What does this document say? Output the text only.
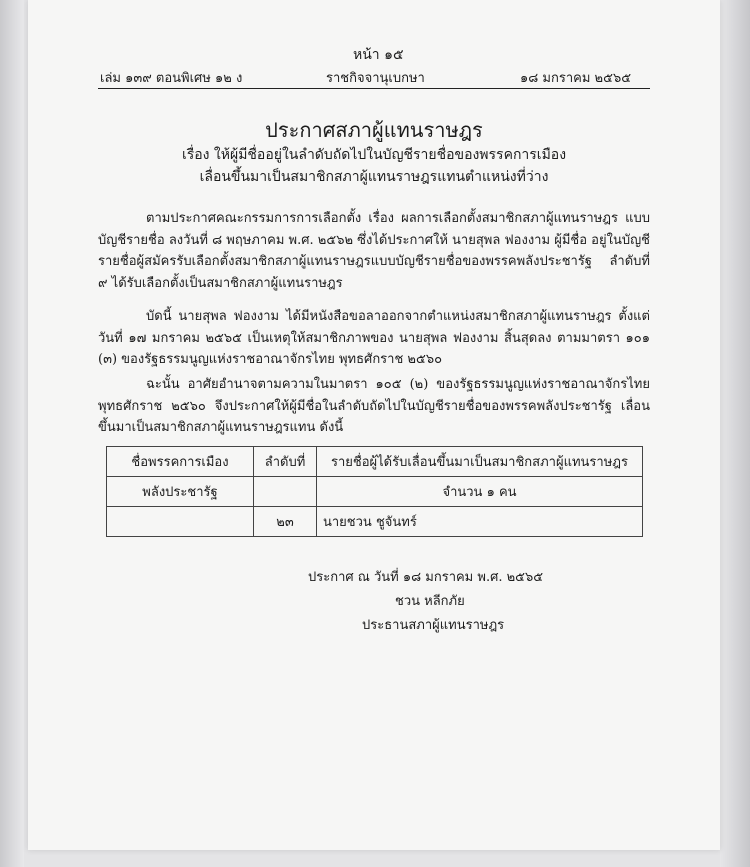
หน้า ๑๕
เล่ม ๑๓๙ ตอนพิเศษ ๑๒ ง	ราชกิจจานุเบกษา	๑๘ มกราคม ๒๕๖๕
ประกาศสภาผู้แทนราษฎร
เรื่อง ให้ผู้มีชื่ออยู่ในลำดับถัดไปในบัญชีรายชื่อของพรรคการเมือง
เลื่อนขึ้นมาเป็นสมาชิกสภาผู้แทนราษฎรแทนตำแหน่งที่ว่าง

ตามประกาศคณะกรรมการการเลือกตั้ง เรื่อง ผลการเลือกตั้งสมาชิกสภาผู้แทนราษฎร แบบบัญชีรายชื่อ ลงวันที่ ๘ พฤษภาคม พ.ศ. ๒๕๖๒ ซึ่งได้ประกาศให้ นายสุพล ฟองงาม ผู้มีชื่อ อยู่ในบัญชีรายชื่อผู้สมัครรับเลือกตั้งสมาชิกสภาผู้แทนราษฎรแบบบัญชีรายชื่อของพรรคพลังประชารัฐ ลำดับที่ ๙ ได้รับเลือกตั้งเป็นสมาชิกสภาผู้แทนราษฎร

บัดนี้ นายสุพล ฟองงาม ได้มีหนังสือขอลาออกจากตำแหน่งสมาชิกสภาผู้แทนราษฎร ตั้งแต่วันที่ ๑๗ มกราคม ๒๕๖๕ เป็นเหตุให้สมาชิกภาพของ นายสุพล ฟองงาม สิ้นสุดลง ตามมาตรา ๑๐๑ (๓) ของรัฐธรรมนูญแห่งราชอาณาจักรไทย พุทธศักราช ๒๕๖๐

ฉะนั้น อาศัยอำนาจตามความในมาตรา ๑๐๕ (๒) ของรัฐธรรมนูญแห่งราชอาณาจักรไทย พุทธศักราช ๒๕๖๐ จึงประกาศให้ผู้มีชื่อในลำดับถัดไปในบัญชีรายชื่อของพรรคพลังประชารัฐ เลื่อนขึ้นมาเป็นสมาชิกสภาผู้แทนราษฎรแทน ดังนี้

ชื่อพรรคการเมือง	ลำดับที่	รายชื่อผู้ได้รับเลื่อนขึ้นมาเป็นสมาชิกสภาผู้แทนราษฎร
พลังประชารัฐ		จำนวน ๑ คน
	๒๓	นายชวน ชูจันทร์
ประกาศ ณ วันที่ ๑๘ มกราคม พ.ศ. ๒๕๖๕
ชวน หลีกภัย
ประธานสภาผู้แทนราษฎร
